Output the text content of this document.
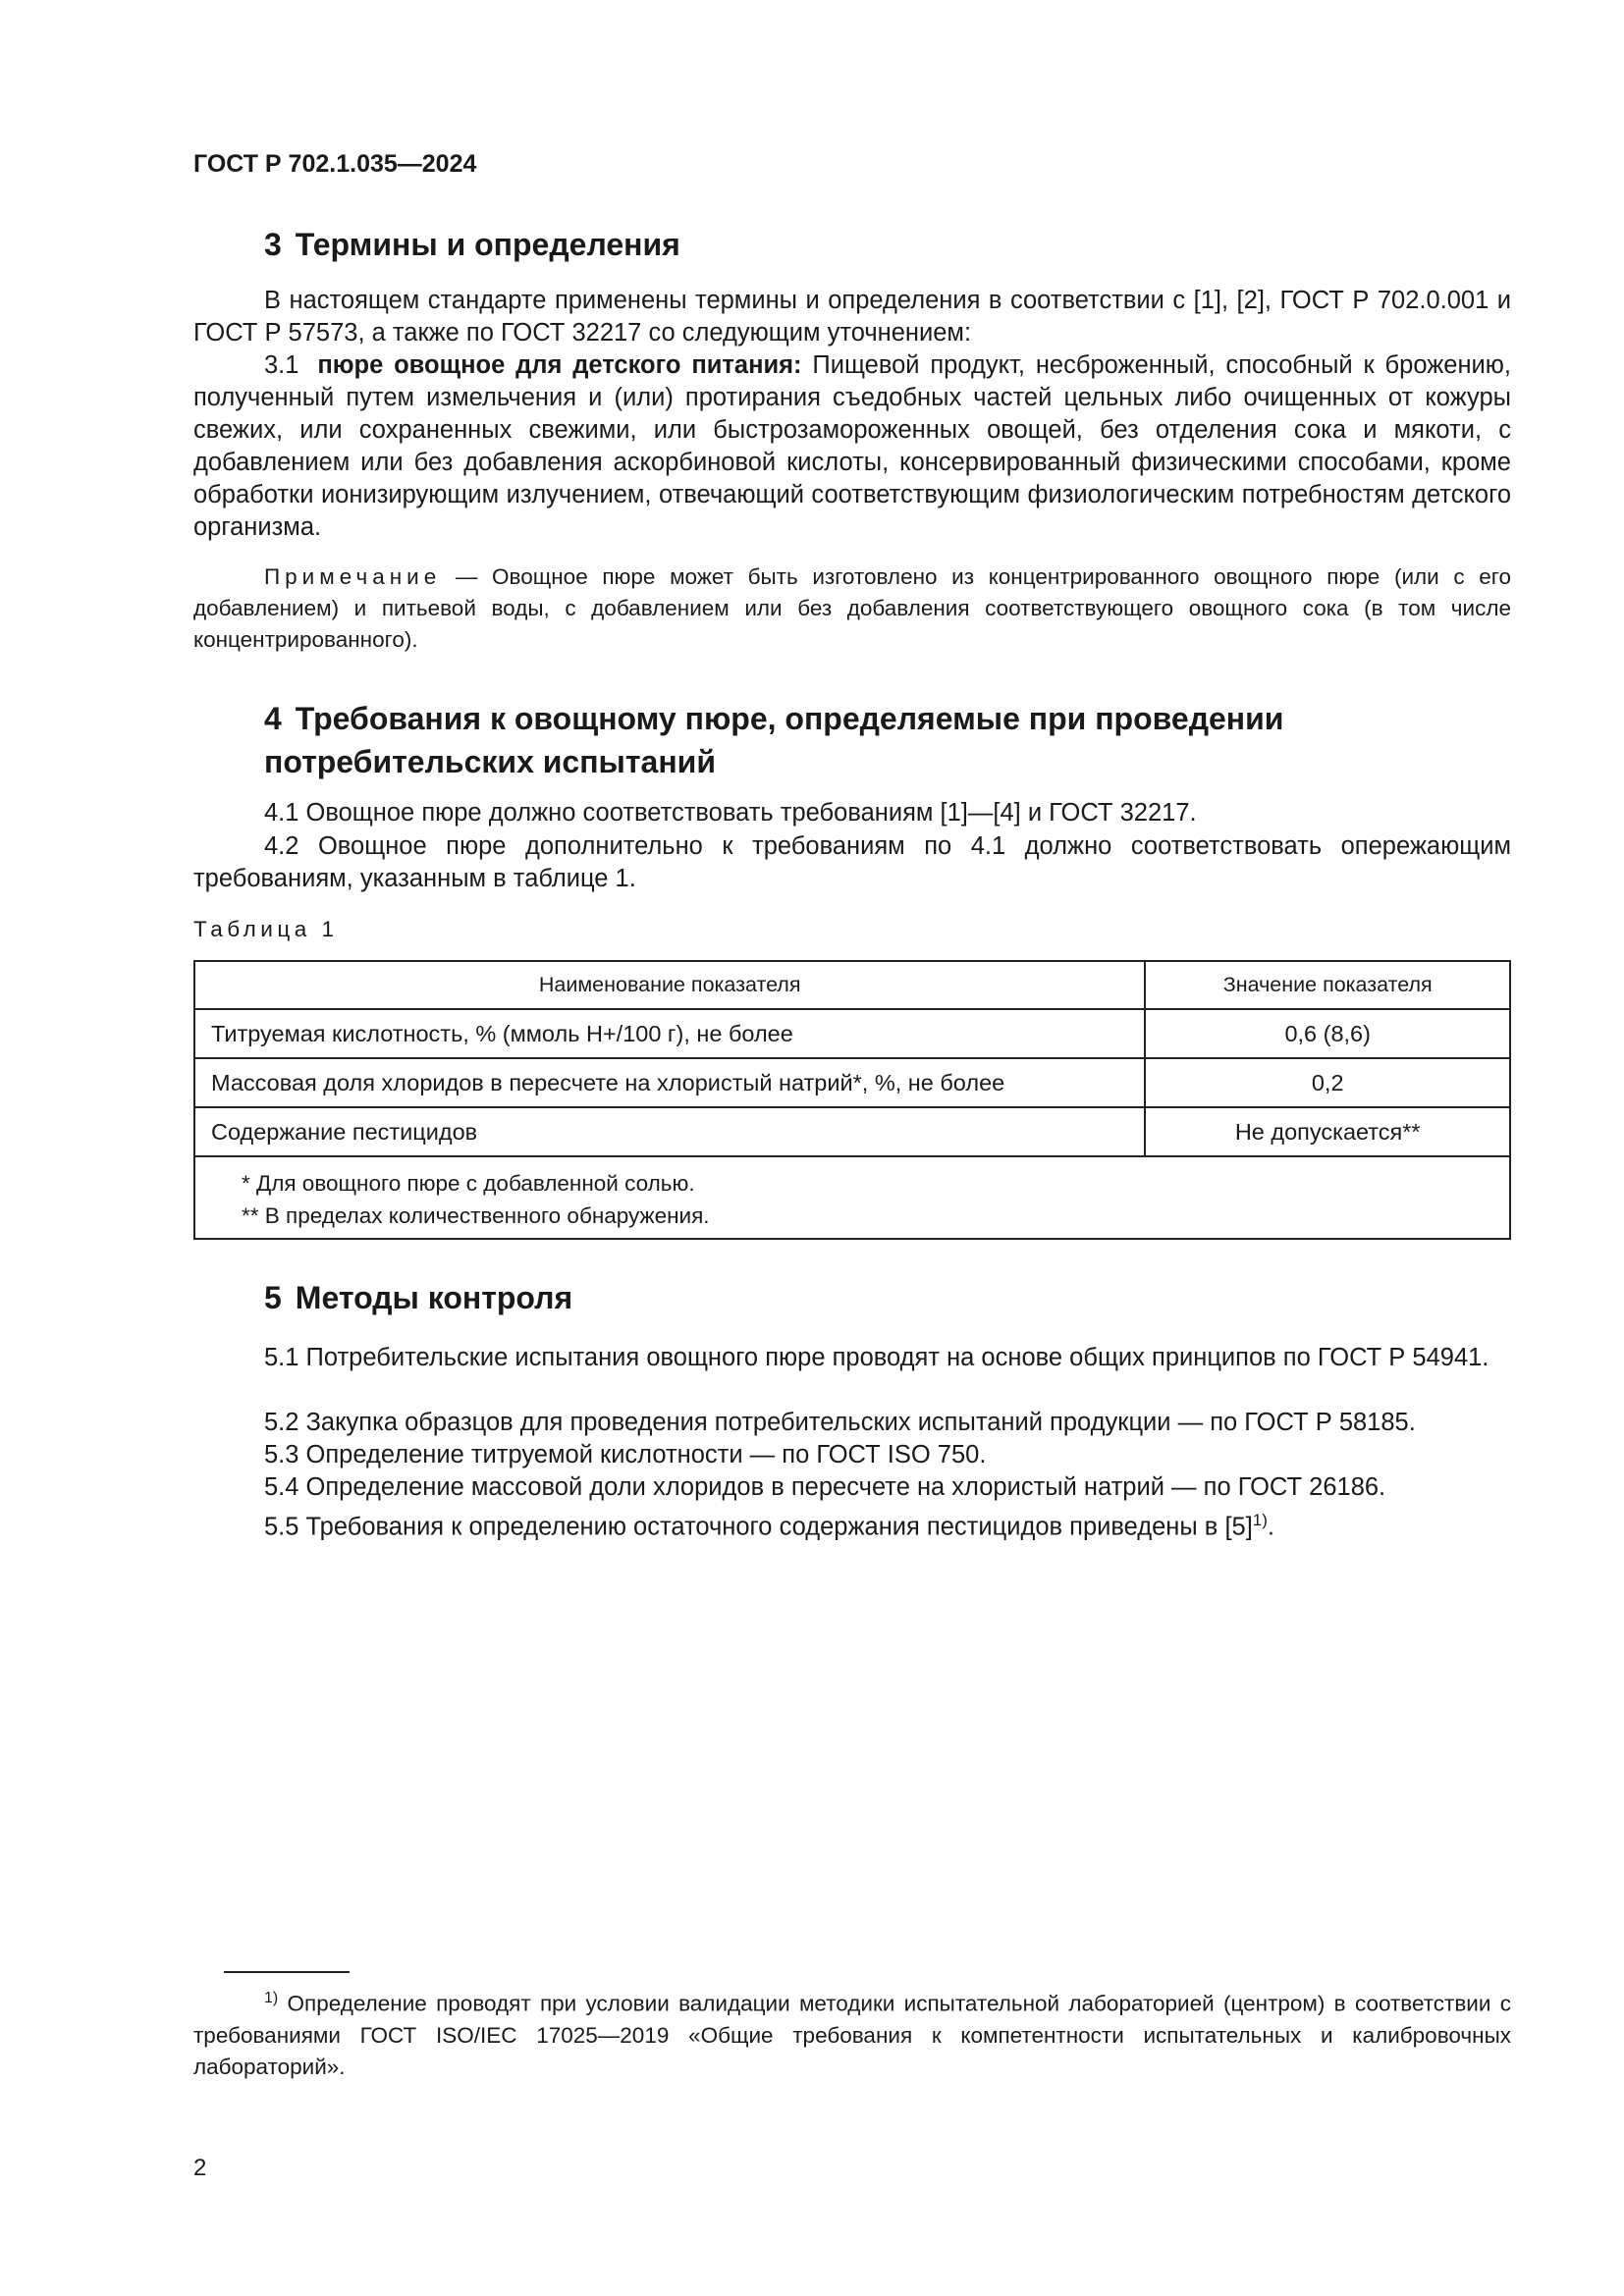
ГОСТ Р 702.1.035—2024
3 Термины и определения
В настоящем стандарте применены термины и определения в соответствии с [1], [2], ГОСТ Р 702.0.001 и ГОСТ Р 57573, а также по ГОСТ 32217 со следующим уточнением:
3.1 пюре овощное для детского питания: Пищевой продукт, несброженный, способный к брожению, полученный путем измельчения и (или) протирания съедобных частей цельных либо очищенных от кожуры свежих, или сохраненных свежими, или быстрозамороженных овощей, без отделения сока и мякоти, с добавлением или без добавления аскорбиновой кислоты, консервированный физическими способами, кроме обработки ионизирующим излучением, отвечающий соответствующим физиологическим потребностям детского организма.
Примечание — Овощное пюре может быть изготовлено из концентрированного овощного пюре (или с его добавлением) и питьевой воды, с добавлением или без добавления соответствующего овощного сока (в том числе концентрированного).
4 Требования к овощному пюре, определяемые при проведении
потребительских испытаний
4.1 Овощное пюре должно соответствовать требованиям [1]—[4] и ГОСТ 32217.
4.2 Овощное пюре дополнительно к требованиям по 4.1 должно соответствовать опережающим требованиям, указанным в таблице 1.
Таблица 1
Наименование показателя	Значение показателя
Титруемая кислотность, % (ммоль H+/100 г), не более	0,6 (8,6)
Массовая доля хлоридов в пересчете на хлористый натрий*, %, не более	0,2
Содержание пестицидов	Не допускается**

* Для овощного пюре с добавленной солью.
** В пределах количественного обнаружения.	
5 Методы контроля
5.1 Потребительские испытания овощного пюре проводят на основе общих принципов по ГОСТ Р 54941.
5.2 Закупка образцов для проведения потребительских испытаний продукции — по ГОСТ Р 58185.
5.3 Определение титруемой кислотности — по ГОСТ ISO 750.
5.4 Определение массовой доли хлоридов в пересчете на хлористый натрий — по ГОСТ 26186.
5.5 Требования к определению остаточного содержания пестицидов приведены в $[5]^{1)}$.
$^{1)}$ Определение проводят при условии валидации методики испытательной лабораторией (центром) в соответствии с требованиями ГОСТ ISO/IEC 17025—2019 «Общие требования к компетентности испытательных и калибровочных лабораторий».
2
